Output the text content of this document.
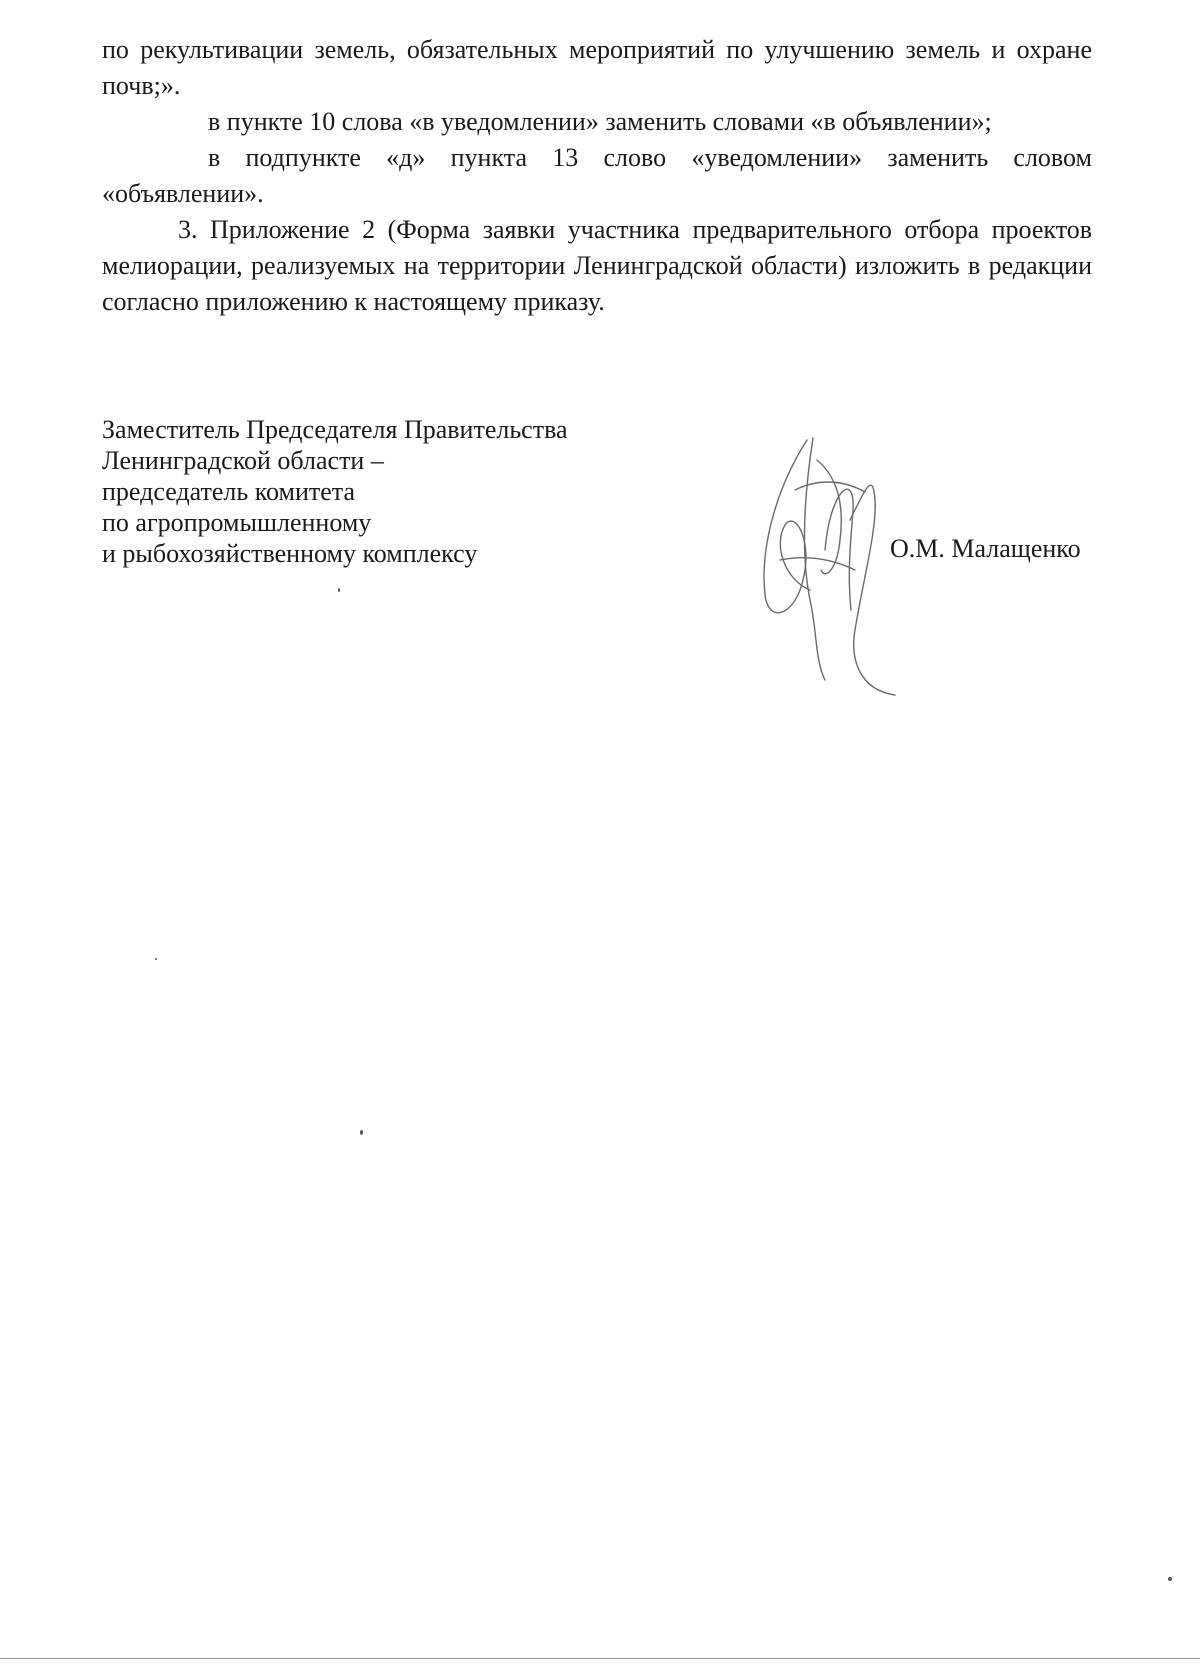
по рекультивации земель, обязательных мероприятий по улучшению земель и охране почв;».

в пункте 10 слова «в уведомлении» заменить словами «в объявлении»;

в подпункте «д» пункта 13 слово «уведомлении» заменить словом «объявлении».

3. Приложение 2 (Форма заявки участника предварительного отбора проектов мелиорации, реализуемых на территории Ленинградской области) изложить в редакции согласно приложению к настоящему приказу.

Заместитель Председателя Правительства
Ленинградской области –
председатель комитета
по агропромышленному
и рыбохозяйственному комплексу	О.М. Малащенко
